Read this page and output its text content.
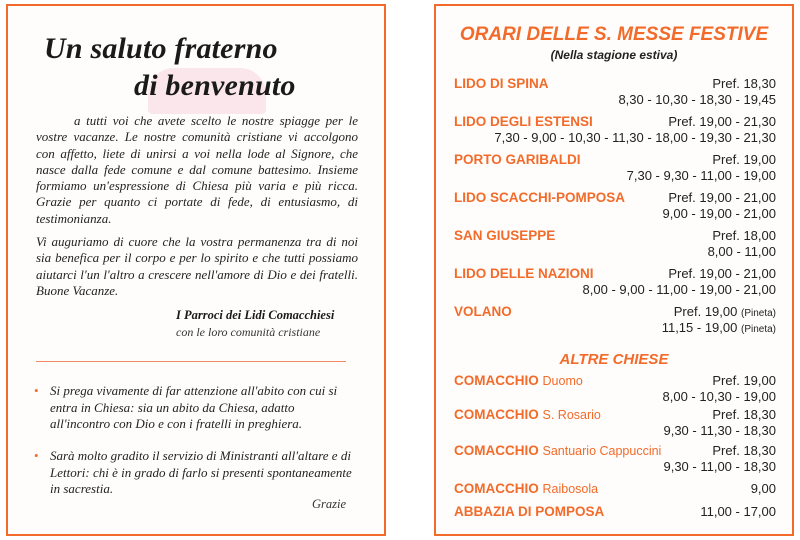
Un saluto fraterno
di benvenuto

a tutti voi che avete scelto le nostre spiagge per le vostre vacanze. Le nostre comunità cristiane vi accolgono con affetto, liete di unirsi a voi nella lode al Signore, che nasce dalla fede comune e dal comune battesimo. Insieme formiamo un'espressione di Chiesa più varia e più ricca. Grazie per quanto ci portate di fede, di entusiasmo, di testimonianza.

Vi auguriamo di cuore che la vostra permanenza tra di noi sia benefica per il corpo e per lo spirito e che tutti possiamo aiutarci l'un l'altro a crescere nell'amore di Dio e dei fratelli. Buone Vacanze.

I Parroci dei Lidi Comacchiesi
con le loro comunità cristiane
• Si prega vivamente di far attenzione all'abito con cui si entra in Chiesa: sia un abito da Chiesa, adatto all'incontro con Dio e con i fratelli in preghiera.
• Sarà molto gradito il servizio di Ministranti all'altare e di Lettori: chi è in grado di farlo si presenti spontaneamente in sacrestia.
Grazie
ORARI DELLE S. MESSE FESTIVE
(Nella stagione estiva)
LIDO DI SPINA	Pref. 18,30
8,30 - 10,30 - 18,30 - 19,45
LIDO DEGLI ESTENSI	Pref. 19,00 - 21,30
7,30 - 9,00 - 10,30 - 11,30 - 18,00 - 19,30 - 21,30
PORTO GARIBALDI	Pref. 19,00
7,30 - 9,30 - 11,00 - 19,00
LIDO SCACCHI-POMPOSA	Pref. 19,00 - 21,00
9,00 - 19,00 - 21,00
SAN GIUSEPPE	Pref. 18,00
8,00 - 11,00
LIDO DELLE NAZIONI	Pref. 19,00 - 21,00
8,00 - 9,00 - 11,00 - 19,00 - 21,00
VOLANO	Pref. 19,00 (Pineta)
11,15 - 19,00 (Pineta)
ALTRE CHIESE
COMACCHIO Duomo	Pref. 19,00
8,00 - 10,30 - 19,00
COMACCHIO S. Rosario	Pref. 18,30
9,30 - 11,30 - 18,30
COMACCHIO Santuario Cappuccini	Pref. 18,30
9,30 - 11,00 - 18,30
COMACCHIO Raibosola	9,00
ABBAZIA DI POMPOSA	11,00 - 17,00
